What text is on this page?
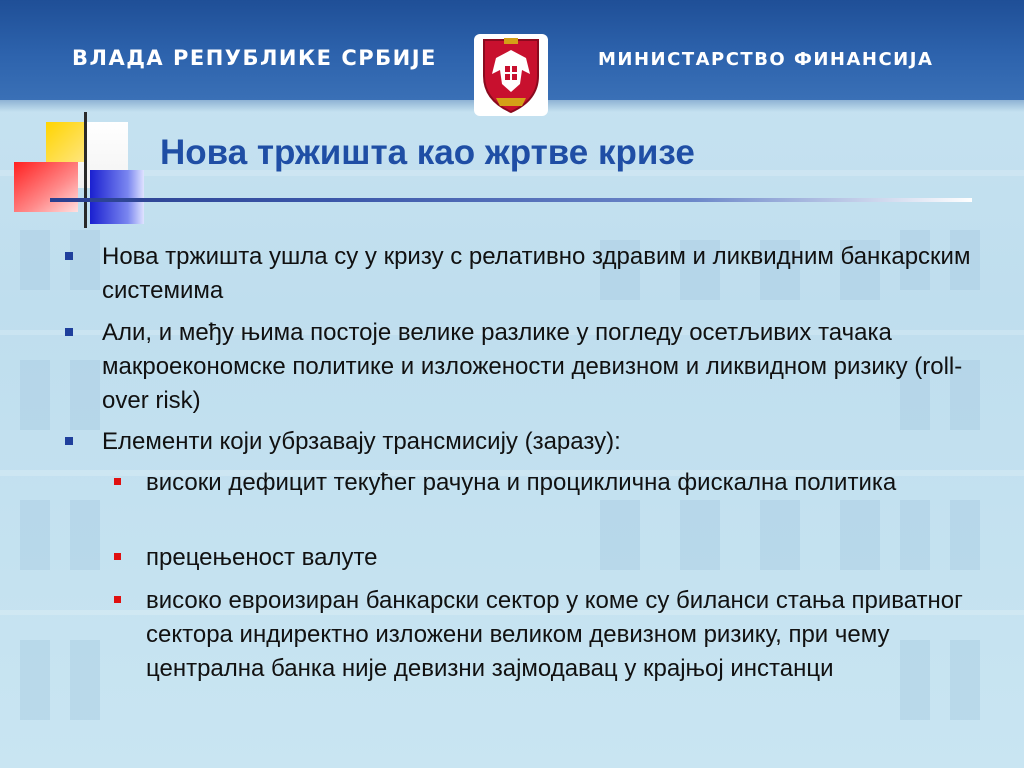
ВЛАДА РЕПУБЛИКЕ СРБИЈЕ	МИНИСТАРСТВО ФИНАНСИЈА
Нова тржишта као жртве кризе
Нова тржишта ушла су у кризу с релативно здравим и ликвидним банкарским системима
Али, и међу њима постоје велике разлике у погледу осетљивих тачака макроекономске политике и изложености девизном и ликвидном ризику (roll-over risk)
Елементи који убрзавају трансмисију (заразу):
високи дефицит текућег рачуна и проциклична фискална политика
прецењеност валуте
високо евроизиран банкарски сектор у коме су биланси стања приватног сектора индиректно изложени великом девизном ризику, при чему централна банка није девизни зајмодавац у крајњој инстанци
